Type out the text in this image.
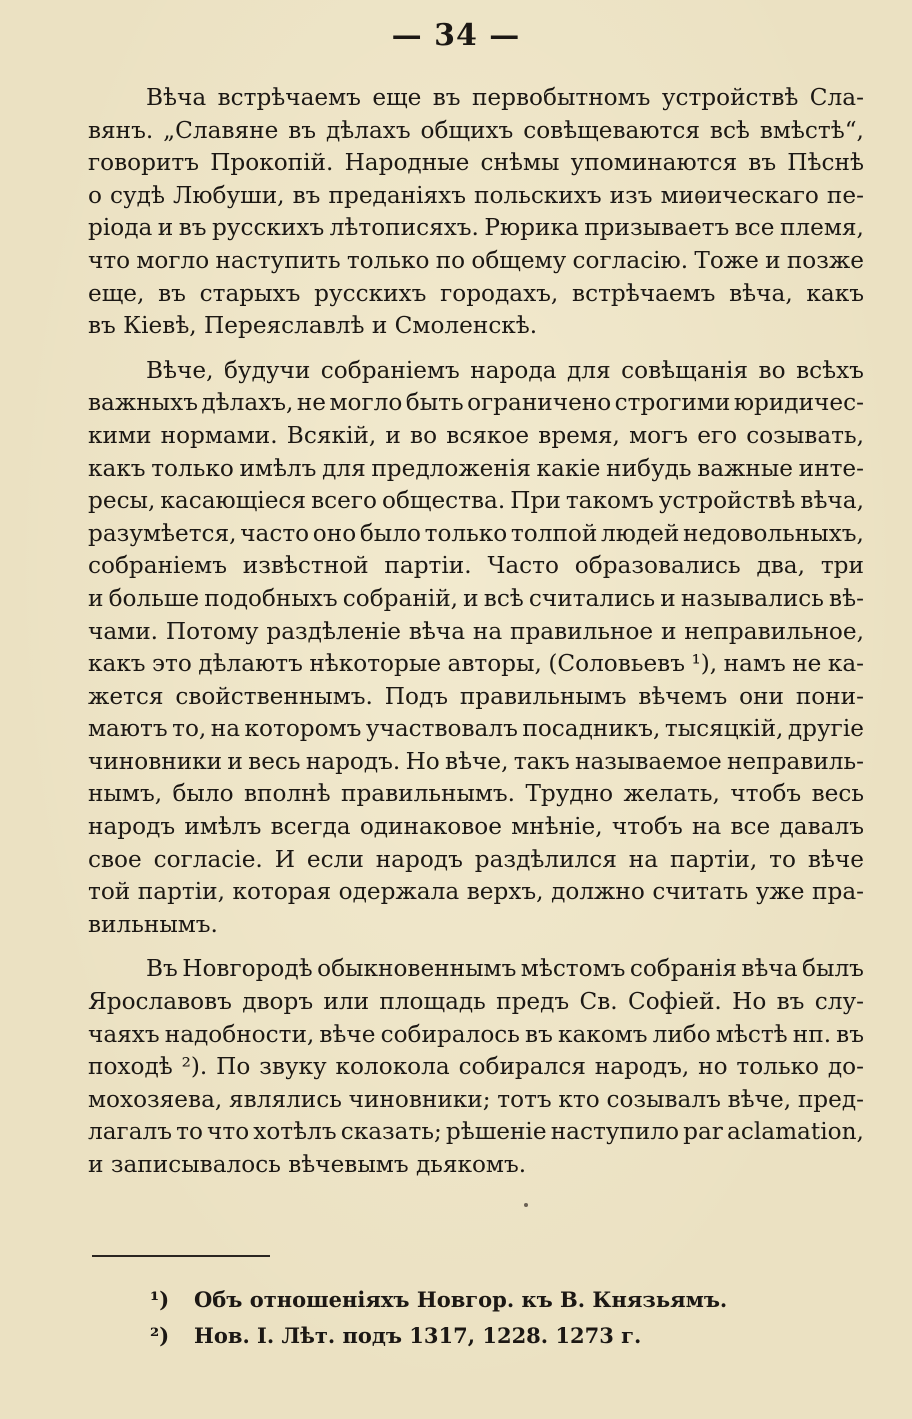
— 34 —
Вѣча встрѣчаемъ еще въ первобытномъ устройствѣ Сла-
вянъ. „Славяне въ дѣлахъ общихъ совѣщеваются всѣ вмѣстѣ“,
говоритъ Прокопій. Народные снѣмы упоминаются въ Пѣснѣ
о судѣ Любуши, въ преданіяхъ польскихъ изъ миѳическаго пе-
ріода и въ русскихъ лѣтописяхъ. Рюрика призываетъ все племя,
что могло наступить только по общему согласію. Тоже и позже
еще, въ старыхъ русскихъ городахъ, встрѣчаемъ вѣча, какъ
въ Кіевѣ, Переяславлѣ и Смоленскѣ.
Вѣче, будучи собраніемъ народа для совѣщанія во всѣхъ
важныхъ дѣлахъ, не могло быть ограничено строгими юридичес-
кими нормами. Всякій, и во всякое время, могъ его созывать,
какъ только имѣлъ для предложенія какіе нибудь важные инте-
ресы, касающіеся всего общества. При такомъ устройствѣ вѣча,
разумѣется, часто оно было только толпой людей недовольныхъ,
собраніемъ извѣстной партіи. Часто образовались два, три
и больше подобныхъ собраній, и всѣ считались и назывались вѣ-
чами. Потому раздѣленіе вѣча на правильное и неправильное,
какъ это дѣлаютъ нѣкоторые авторы, (Соловьевъ ¹), намъ не ка-
жется свойственнымъ. Подъ правильнымъ вѣчемъ они пони-
маютъ то, на которомъ участвовалъ посадникъ, тысяцкій, другіе
чиновники и весь народъ. Но вѣче, такъ называемое неправиль-
нымъ, было вполнѣ правильнымъ. Трудно желать, чтобъ весь
народъ имѣлъ всегда одинаковое мнѣніе, чтобъ на все давалъ
свое согласіе. И если народъ раздѣлился на партіи, то вѣче
той партіи, которая одержала верхъ, должно считать уже пра-
вильнымъ.
Въ Новгородѣ обыкновеннымъ мѣстомъ собранія вѣча былъ
Ярославовъ дворъ или площадь предъ Св. Софіей. Но въ слу-
чаяхъ надобности, вѣче собиралось въ какомъ либо мѣстѣ нп. въ
походѣ ²). По звуку колокола собирался народъ, но только до-
мохозяева, являлись чиновники; тотъ кто созывалъ вѣче, пред-
лагалъ то что хотѣлъ сказать; рѣшеніе наступило par aclamation,
и записывалось вѣчевымъ дьякомъ.
¹)	Объ отношеніяхъ Новгор. къ В. Князьямъ.
²)	Нов. I. Лѣт. подъ 1317, 1228. 1273 г.
